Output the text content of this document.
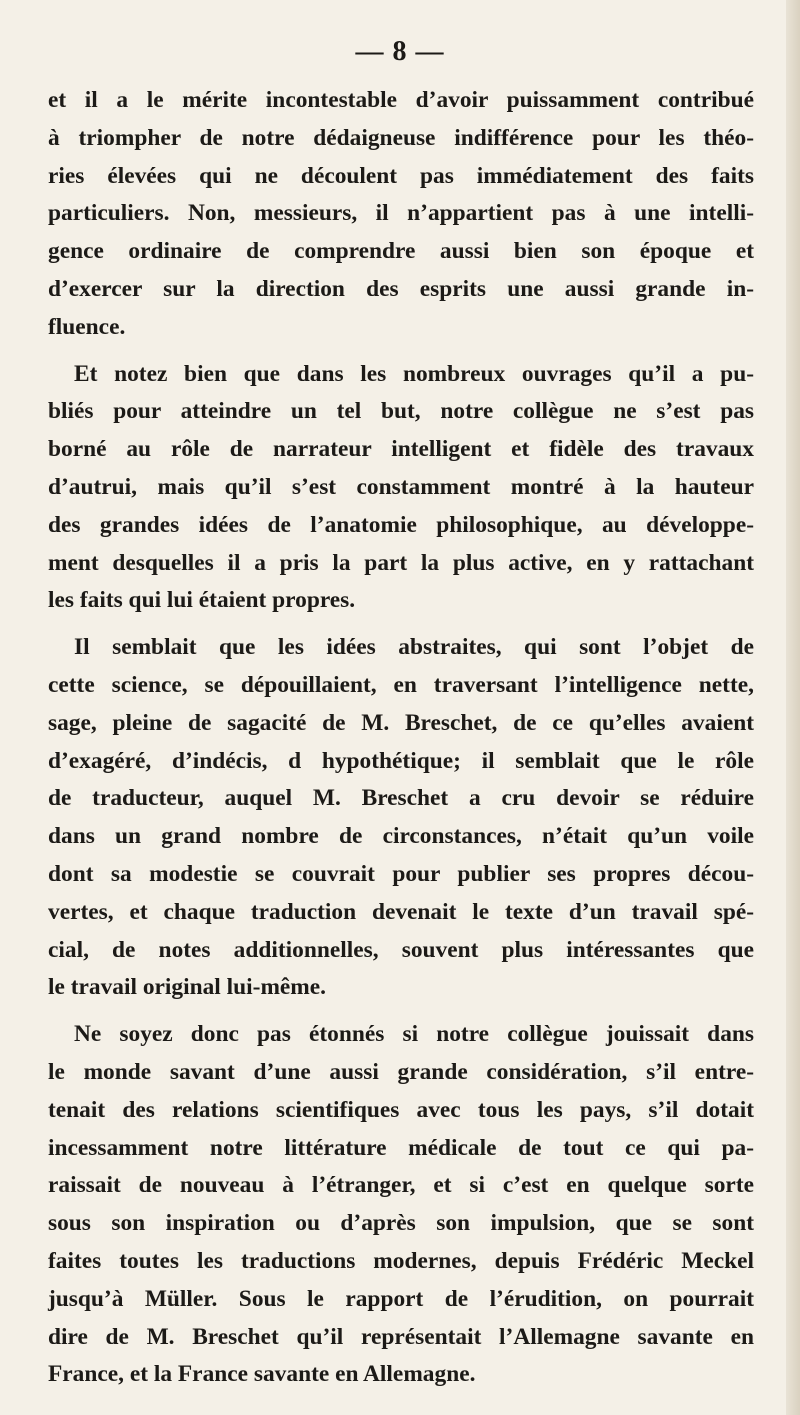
— 8 —
et il a le mérite incontestable d’avoir puissamment contribué
à triompher de notre dédaigneuse indifférence pour les théo-
ries élevées qui ne découlent pas immédiatement des faits
particuliers. Non, messieurs, il n’appartient pas à une intelli-
gence ordinaire de comprendre aussi bien son époque et
d’exercer sur la direction des esprits une aussi grande in-
fluence.
Et notez bien que dans les nombreux ouvrages qu’il a pu-
bliés pour atteindre un tel but, notre collègue ne s’est pas
borné au rôle de narrateur intelligent et fidèle des travaux
d’autrui, mais qu’il s’est constamment montré à la hauteur
des grandes idées de l’anatomie philosophique, au développe-
ment desquelles il a pris la part la plus active, en y rattachant
les faits qui lui étaient propres.
Il semblait que les idées abstraites, qui sont l’objet de
cette science, se dépouillaient, en traversant l’intelligence nette,
sage, pleine de sagacité de M. Breschet, de ce qu’elles avaient
d’exagéré, d’indécis, d hypothétique; il semblait que le rôle
de traducteur, auquel M. Breschet a cru devoir se réduire
dans un grand nombre de circonstances, n’était qu’un voile
dont sa modestie se couvrait pour publier ses propres décou-
vertes, et chaque traduction devenait le texte d’un travail spé-
cial, de notes additionnelles, souvent plus intéressantes que
le travail original lui-même.
Ne soyez donc pas étonnés si notre collègue jouissait dans
le monde savant d’une aussi grande considération, s’il entre-
tenait des relations scientifiques avec tous les pays, s’il dotait
incessamment notre littérature médicale de tout ce qui pa-
raissait de nouveau à l’étranger, et si c’est en quelque sorte
sous son inspiration ou d’après son impulsion, que se sont
faites toutes les traductions modernes, depuis Frédéric Meckel
jusqu’à Müller. Sous le rapport de l’érudition, on pourrait
dire de M. Breschet qu’il représentait l’Allemagne savante en
France, et la France savante en Allemagne.
